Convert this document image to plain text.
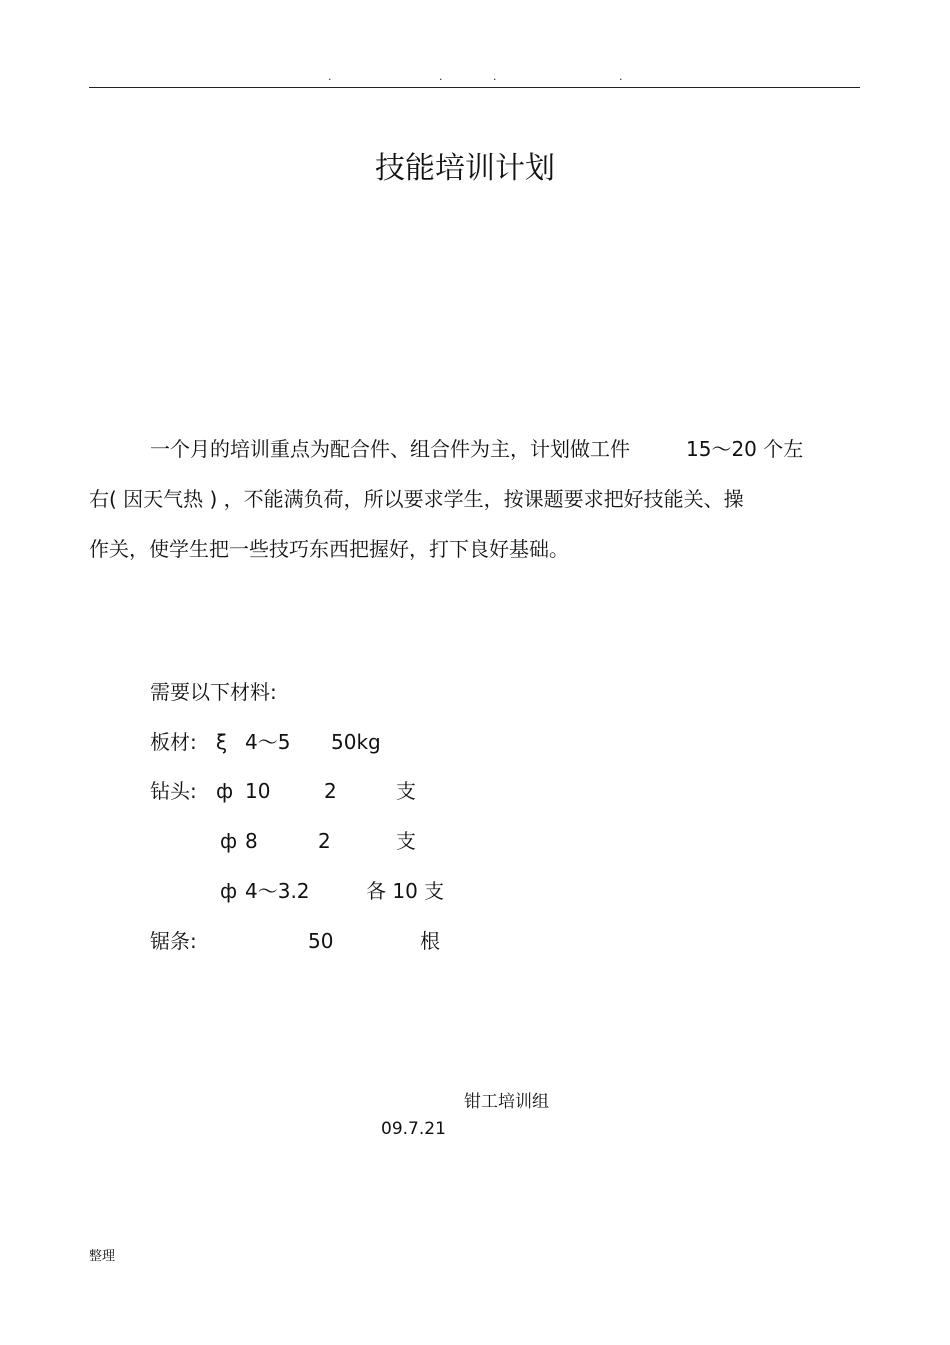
.	.	.	.
技能培训计划
一个月的培训重点为配合件、组合件为主，计划做工件	15～20 个左
右( 因天气热 ) ，不能满负荷，所以要求学生，按课题要求把好技能关、操
作关，使学生把一些技巧东西把握好，打下良好基础。
需要以下材料:
板材: ξ 4～5 50kg
钻头: ф 10	2	支
ф 8	2	支
ф 4～3.2	各 10 支
锯条:	50	根
钳工培训组
09.7.21
整理
